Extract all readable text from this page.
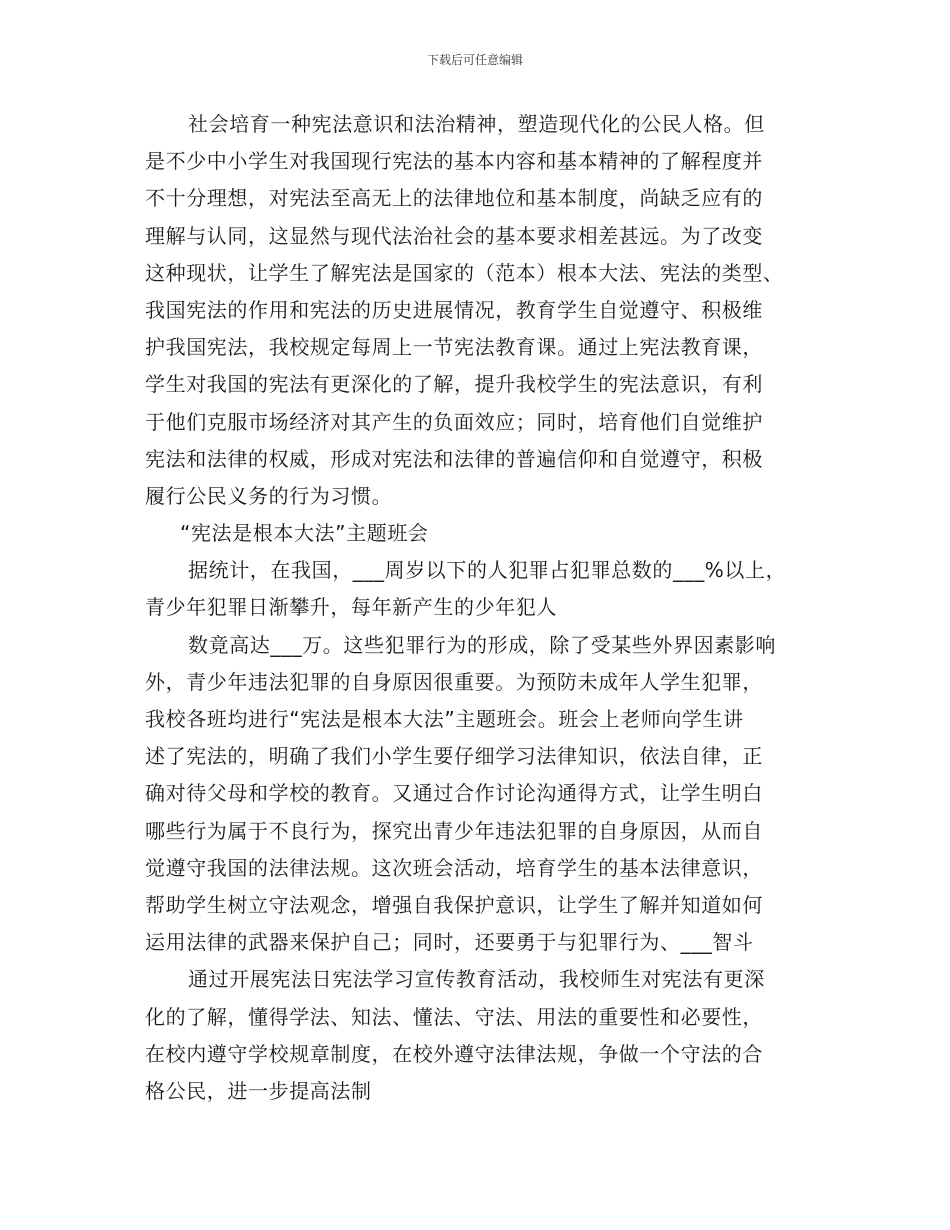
下载后可任意编辑
社会培育一种宪法意识和法治精神，塑造现代化的公民人格。但
是不少中小学生对我国现行宪法的基本内容和基本精神的了解程度并
不十分理想，对宪法至高无上的法律地位和基本制度，尚缺乏应有的
理解与认同，这显然与现代法治社会的基本要求相差甚远。为了改变
这种现状，让学生了解宪法是国家的（范本）根本大法、宪法的类型、
我国宪法的作用和宪法的历史进展情况，教育学生自觉遵守、积极维
护我国宪法，我校规定每周上一节宪法教育课。通过上宪法教育课，
学生对我国的宪法有更深化的了解，提升我校学生的宪法意识，有利
于他们克服市场经济对其产生的负面效应；同时，培育他们自觉维护
宪法和法律的权威，形成对宪法和法律的普遍信仰和自觉遵守，积极
履行公民义务的行为习惯。
“宪法是根本大法”主题班会
据统计，在我国，___周岁以下的人犯罪占犯罪总数的___%以上，
青少年犯罪日渐攀升，每年新产生的少年犯人
数竟高达___万。这些犯罪行为的形成，除了受某些外界因素影响
外，青少年违法犯罪的自身原因很重要。为预防未成年人学生犯罪，
我校各班均进行“宪法是根本大法”主题班会。班会上老师向学生讲
述了宪法的，明确了我们小学生要仔细学习法律知识，依法自律，正
确对待父母和学校的教育。又通过合作讨论沟通得方式，让学生明白
哪些行为属于不良行为，探究出青少年违法犯罪的自身原因，从而自
觉遵守我国的法律法规。这次班会活动，培育学生的基本法律意识，
帮助学生树立守法观念，增强自我保护意识，让学生了解并知道如何
运用法律的武器来保护自己；同时，还要勇于与犯罪行为、___智斗
通过开展宪法日宪法学习宣传教育活动，我校师生对宪法有更深
化的了解，懂得学法、知法、懂法、守法、用法的重要性和必要性，
在校内遵守学校规章制度，在校外遵守法律法规，争做一个守法的合
格公民，进一步提高法制
